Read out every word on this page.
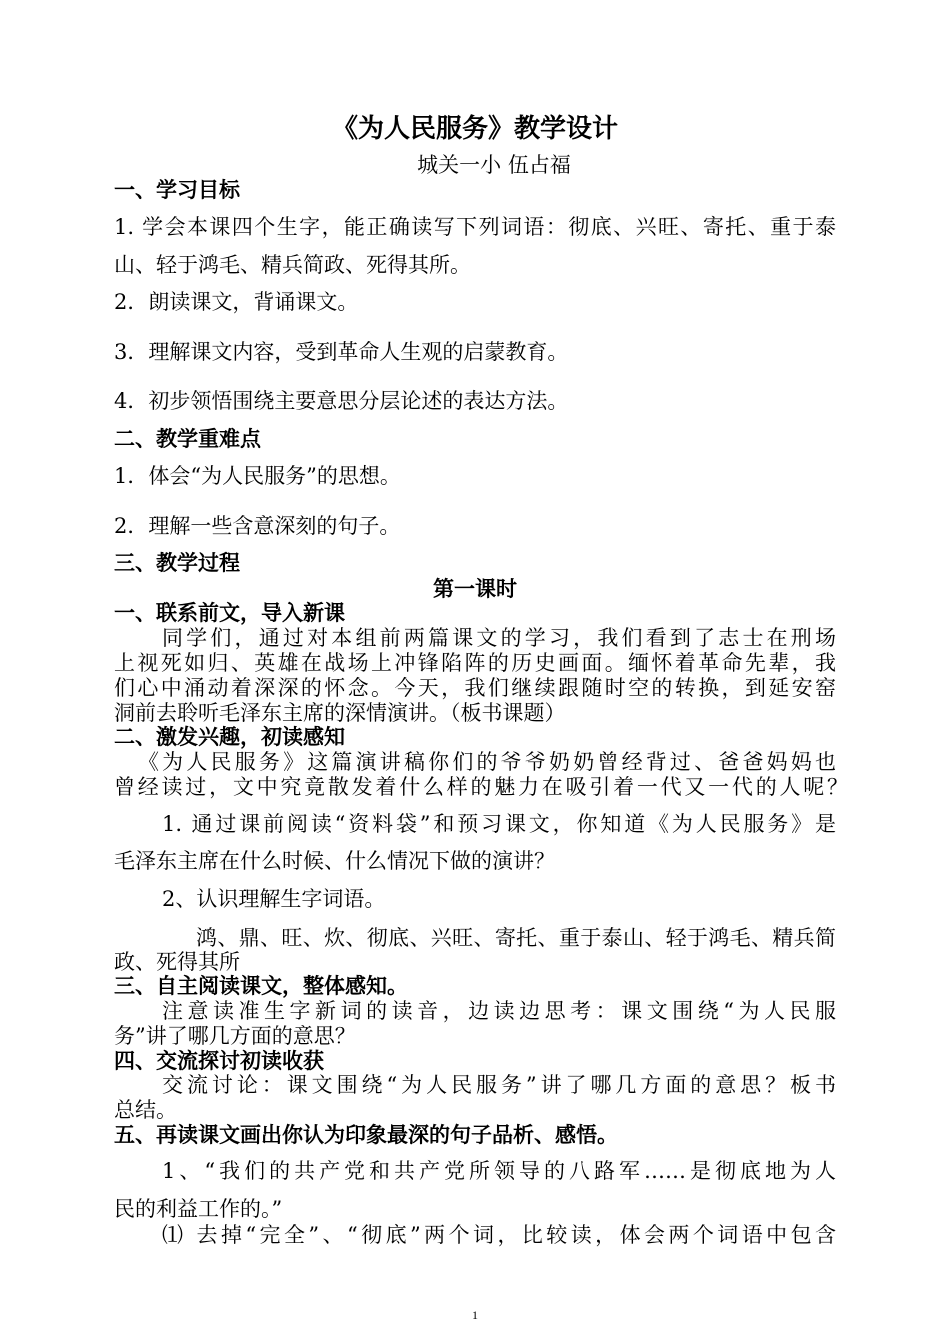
《为人民服务》教学设计
城关一小 伍占福
一、学习目标
1. 学会本课四个生字，能正确读写下列词语：彻底、兴旺、寄托、重于泰
山、轻于鸿毛、精兵简政、死得其所。
2．朗读课文，背诵课文。
3．理解课文内容，受到革命人生观的启蒙教育。
4．初步领悟围绕主要意思分层论述的表达方法。
二、教学重难点
1．体会“为人民服务”的思想。
2．理解一些含意深刻的句子。
三、教学过程
第一课时
一、联系前文，导入新课
同学们，通过对本组前两篇课文的学习，我们看到了志士在刑场
上视死如归、英雄在战场上冲锋陷阵的历史画面。缅怀着革命先辈，我
们心中涌动着深深的怀念。今天，我们继续跟随时空的转换，到延安窑
洞前去聆听毛泽东主席的深情演讲。（板书课题）
二、激发兴趣，初读感知
《为人民服务》这篇演讲稿你们的爷爷奶奶曾经背过、爸爸妈妈也
曾经读过，文中究竟散发着什么样的魅力在吸引着一代又一代的人呢？
1. 通过课前阅读“资料袋”和预习课文，你知道《为人民服务》是
毛泽东主席在什么时候、什么情况下做的演讲？
2、认识理解生字词语。
鸿、鼎、旺、炊、彻底、兴旺、寄托、重于泰山、轻于鸿毛、精兵简
政、死得其所
三、自主阅读课文，整体感知。
注意读准生字新词的读音，边读边思考：课文围绕“为人民服
务”讲了哪几方面的意思？
四、交流探讨初读收获
交流讨论：课文围绕“为人民服务”讲了哪几方面的意思？板书
总结。
五、再读课文画出你认为印象最深的句子品析、感悟。
1、“我们的共产党和共产党所领导的八路军……是彻底地为人
民的利益工作的。”
⑴ 去掉“完全”、“彻底”两个词，比较读，体会两个词语中包含
1
